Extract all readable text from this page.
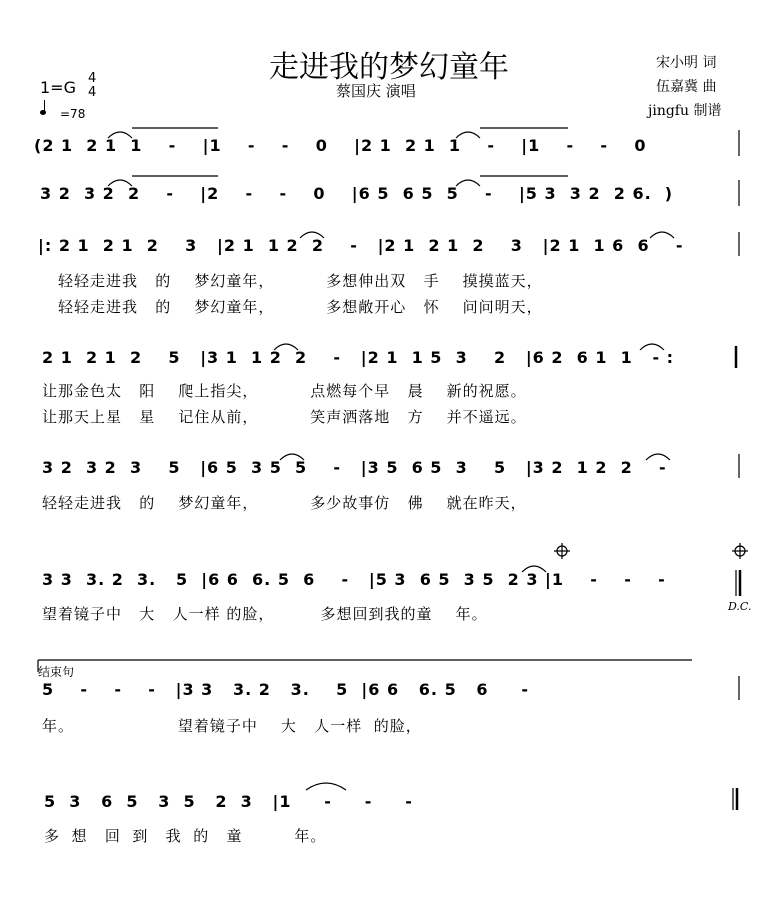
走进我的梦幻童年
蔡国庆 演唱
宋小明 词
伍嘉冀 曲
jingfu 制谱
1=G 4
4
=78
(2 1  2 1  1    -    |1    -    -    0    |2 1  2 1  1    -    |1    -    -    0
3 2  3 2  2    -    |2    -    -    0    |6 5  6 5  5    -    |5 3  3 2  2 6.  )
|: 2 1  2 1  2    3   |2 1  1 2  2    -   |2 1  2 1  2    3   |2 1  1 6  6    -
轻轻走进我   的    梦幻童年，         多想伸出双   手    摸摸蓝天，
轻轻走进我   的    梦幻童年，         多想敞开心   怀    问问明天，
2 1  2 1  2    5   |3 1  1 2  2    -   |2 1  1 5  3    2   |6 2  6 1  1   - :
让那金色太   阳    爬上指尖，         点燃每个早   晨    新的祝愿。
让那天上星   星    记住从前，         笑声洒落地   方    并不遥远。
3 2  3 2  3    5   |6 5  3 5  5    -   |3 5  6 5  3    5   |3 2  1 2  2    -
轻轻走进我   的    梦幻童年，         多少故事仿   佛    就在昨天，
3 3  3. 2  3.   5  |6 6  6. 5  6    -   |5 3  6 5  3 5  2 3 |1    -    -    -
望着镜子中   大   人一样 的脸，        多想回到我的童    年。	D.C.
结束句
5    -    -    -   |3 3   3. 2   3.    5  |6 6   6. 5   6     -
年。                  望着镜子中    大   人一样  的脸，
5  3   6  5   3  5   2  3   |1     -     -     -
多  想   回  到   我  的   童         年。
